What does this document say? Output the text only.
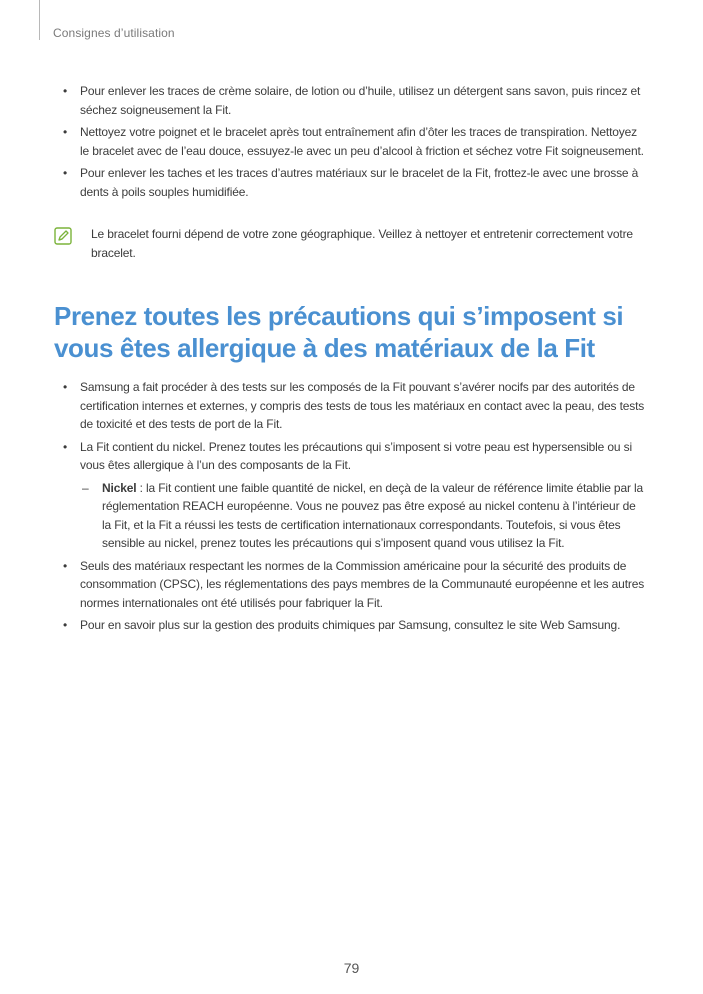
Consignes d’utilisation
• Pour enlever les traces de crème solaire, de lotion ou d’huile, utilisez un détergent sans savon, puis rincez et séchez soigneusement la Fit.
• Nettoyez votre poignet et le bracelet après tout entraînement afin d’ôter les traces de transpiration. Nettoyez le bracelet avec de l’eau douce, essuyez-le avec un peu d’alcool à friction et séchez votre Fit soigneusement.
• Pour enlever les taches et les traces d’autres matériaux sur le bracelet de la Fit, frottez-le avec une brosse à dents à poils souples humidifiée.
Le bracelet fourni dépend de votre zone géographique. Veillez à nettoyer et entretenir correctement votre bracelet.
Prenez toutes les précautions qui s’imposent si vous êtes allergique à des matériaux de la Fit
• Samsung a fait procéder à des tests sur les composés de la Fit pouvant s’avérer nocifs par des autorités de certification internes et externes, y compris des tests de tous les matériaux en contact avec la peau, des tests de toxicité et des tests de port de la Fit.
• La Fit contient du nickel. Prenez toutes les précautions qui s’imposent si votre peau est hypersensible ou si vous êtes allergique à l’un des composants de la Fit.
– Nickel : la Fit contient une faible quantité de nickel, en deçà de la valeur de référence limite établie par la réglementation REACH européenne. Vous ne pouvez pas être exposé au nickel contenu à l’intérieur de la Fit, et la Fit a réussi les tests de certification internationaux correspondants. Toutefois, si vous êtes sensible au nickel, prenez toutes les précautions qui s’imposent quand vous utilisez la Fit.
• Seuls des matériaux respectant les normes de la Commission américaine pour la sécurité des produits de consommation (CPSC), les réglementations des pays membres de la Communauté européenne et les autres normes internationales ont été utilisés pour fabriquer la Fit.
• Pour en savoir plus sur la gestion des produits chimiques par Samsung, consultez le site Web Samsung.
79
